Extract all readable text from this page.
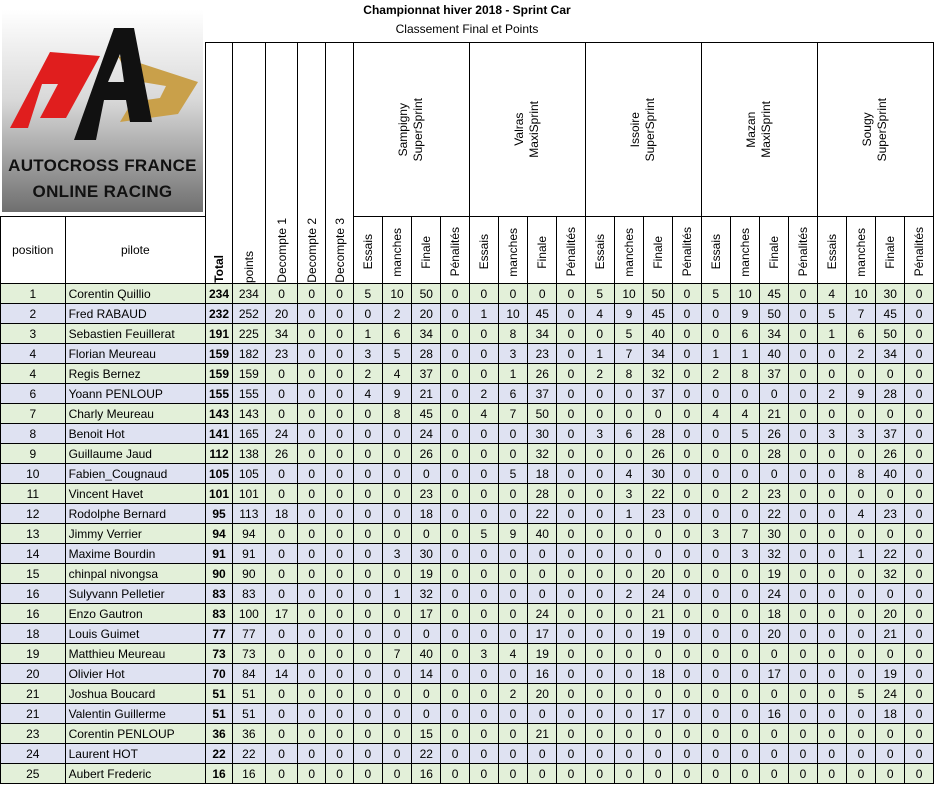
Championnat hiver 2018 - Sprint Car
Classement Final et Points
AUTOCROSS FRANCE
ONLINE RACING

		Total	points	Decompte 1	Decompte 2	Decompte 3	Sampigny
SuperSprint				Valras
MaxiSprint				Issoire
SuperSprint				Mazan
MaxiSprint				Sougy
SuperSprint			

position	pilote						Essais	manches	Finale	Pénalités	Essais	manches	Finale	Pénalités	Essais	manches	Finale	Pénalités	Essais	manches	Finale	Pénalités	Essais	manches	Finale	Pénalités

1	Corentin Quillio	234	234	0	0	0	5	10	50	0	0	0	0	0	5	10	50	0	5	10	45	0	4	10	30	0
2	Fred RABAUD	232	252	20	0	0	0	2	20	0	1	10	45	0	4	9	45	0	0	9	50	0	5	7	45	0
3	Sebastien Feuillerat	191	225	34	0	0	1	6	34	0	0	8	34	0	0	5	40	0	0	6	34	0	1	6	50	0
4	Florian Meureau	159	182	23	0	0	3	5	28	0	0	3	23	0	1	7	34	0	1	1	40	0	0	2	34	0
4	Regis Bernez	159	159	0	0	0	2	4	37	0	0	1	26	0	2	8	32	0	2	8	37	0	0	0	0	0
6	Yoann PENLOUP	155	155	0	0	0	4	9	21	0	2	6	37	0	0	0	37	0	0	0	0	0	2	9	28	0
7	Charly Meureau	143	143	0	0	0	0	8	45	0	4	7	50	0	0	0	0	0	4	4	21	0	0	0	0	0
8	Benoit Hot	141	165	24	0	0	0	0	24	0	0	0	30	0	3	6	28	0	0	5	26	0	3	3	37	0
9	Guillaume Jaud	112	138	26	0	0	0	0	26	0	0	0	32	0	0	0	26	0	0	0	28	0	0	0	26	0
10	Fabien_Cougnaud	105	105	0	0	0	0	0	0	0	0	5	18	0	0	4	30	0	0	0	0	0	0	8	40	0
11	Vincent Havet	101	101	0	0	0	0	0	23	0	0	0	28	0	0	3	22	0	0	2	23	0	0	0	0	0
12	Rodolphe Bernard	95	113	18	0	0	0	0	18	0	0	0	22	0	0	1	23	0	0	0	22	0	0	4	23	0
13	Jimmy Verrier	94	94	0	0	0	0	0	0	0	5	9	40	0	0	0	0	0	3	7	30	0	0	0	0	0
14	Maxime Bourdin	91	91	0	0	0	0	3	30	0	0	0	0	0	0	0	0	0	0	3	32	0	0	1	22	0
15	chinpal nivongsa	90	90	0	0	0	0	0	19	0	0	0	0	0	0	0	20	0	0	0	19	0	0	0	32	0
16	Sulyvann Pelletier	83	83	0	0	0	0	1	32	0	0	0	0	0	0	2	24	0	0	0	24	0	0	0	0	0
16	Enzo Gautron	83	100	17	0	0	0	0	17	0	0	0	24	0	0	0	21	0	0	0	18	0	0	0	20	0
18	Louis Guimet	77	77	0	0	0	0	0	0	0	0	0	17	0	0	0	19	0	0	0	20	0	0	0	21	0
19	Matthieu Meureau	73	73	0	0	0	0	7	40	0	3	4	19	0	0	0	0	0	0	0	0	0	0	0	0	0
20	Olivier Hot	70	84	14	0	0	0	0	14	0	0	0	16	0	0	0	18	0	0	0	17	0	0	0	19	0
21	Joshua Boucard	51	51	0	0	0	0	0	0	0	0	2	20	0	0	0	0	0	0	0	0	0	0	5	24	0
21	Valentin Guillerme	51	51	0	0	0	0	0	0	0	0	0	0	0	0	0	17	0	0	0	16	0	0	0	18	0
23	Corentin PENLOUP	36	36	0	0	0	0	0	15	0	0	0	21	0	0	0	0	0	0	0	0	0	0	0	0	0
24	Laurent HOT	22	22	0	0	0	0	0	22	0	0	0	0	0	0	0	0	0	0	0	0	0	0	0	0	0
25	Aubert Frederic	16	16	0	0	0	0	0	16	0	0	0	0	0	0	0	0	0	0	0	0	0	0	0	0	0
